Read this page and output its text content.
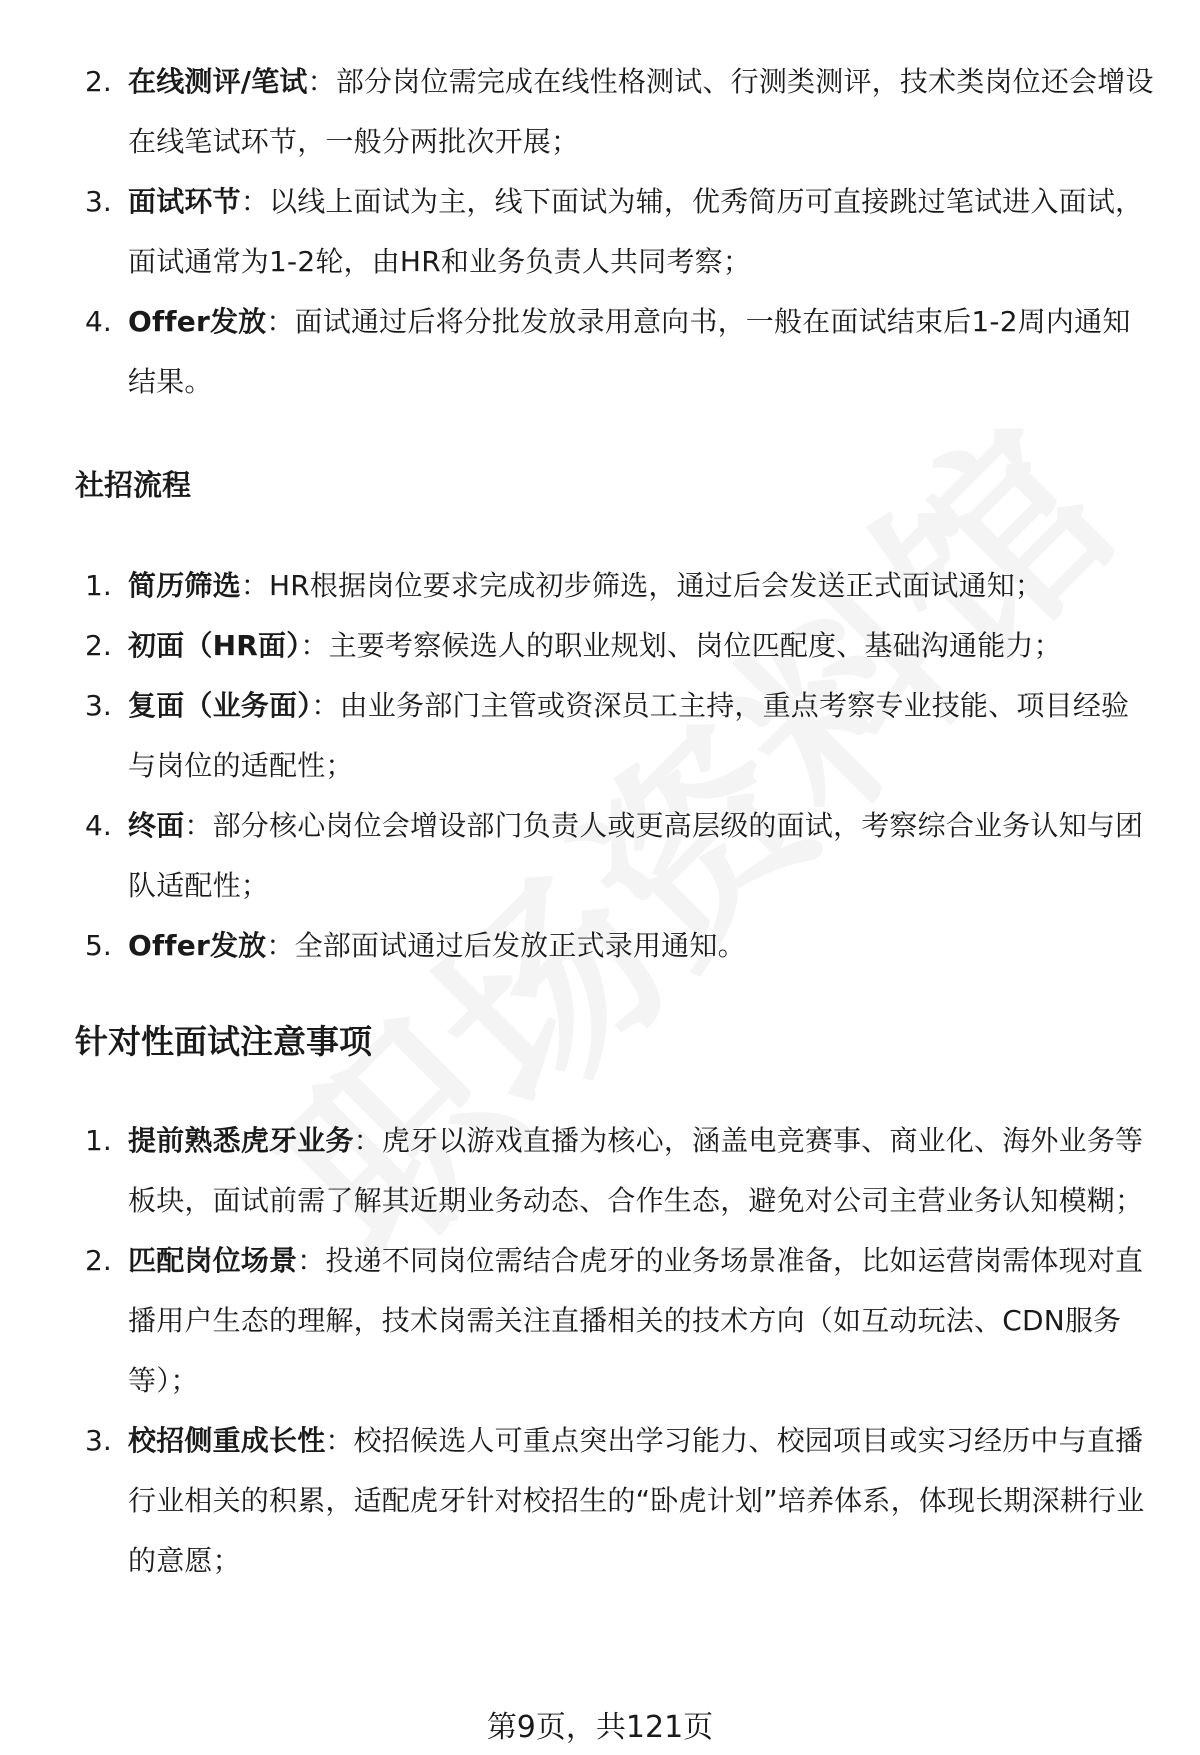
2. 在线测评/笔试：部分岗位需完成在线性格测试、行测类测评，技术类岗位还会增设在线笔试环节，一般分两批次开展；
3. 面试环节：以线上面试为主，线下面试为辅，优秀简历可直接跳过笔试进入面试，面试通常为1-2轮，由HR和业务负责人共同考察；
4. Offer发放：面试通过后将分批发放录用意向书，一般在面试结束后1-2周内通知结果。
社招流程
1. 简历筛选：HR根据岗位要求完成初步筛选，通过后会发送正式面试通知；
2. 初面（HR面）：主要考察候选人的职业规划、岗位匹配度、基础沟通能力；
3. 复面（业务面）：由业务部门主管或资深员工主持，重点考察专业技能、项目经验与岗位的适配性；
4. 终面：部分核心岗位会增设部门负责人或更高层级的面试，考察综合业务认知与团队适配性；
5. Offer发放：全部面试通过后发放正式录用通知。
针对性面试注意事项
1. 提前熟悉虎牙业务：虎牙以游戏直播为核心，涵盖电竞赛事、商业化、海外业务等板块，面试前需了解其近期业务动态、合作生态，避免对公司主营业务认知模糊；
2. 匹配岗位场景：投递不同岗位需结合虎牙的业务场景准备，比如运营岗需体现对直播用户生态的理解，技术岗需关注直播相关的技术方向（如互动玩法、CDN服务等）；
3. 校招侧重成长性：校招候选人可重点突出学习能力、校园项目或实习经历中与直播行业相关的积累，适配虎牙针对校招生的“卧虎计划”培养体系，体现长期深耕行业的意愿；
第9页，共121页
